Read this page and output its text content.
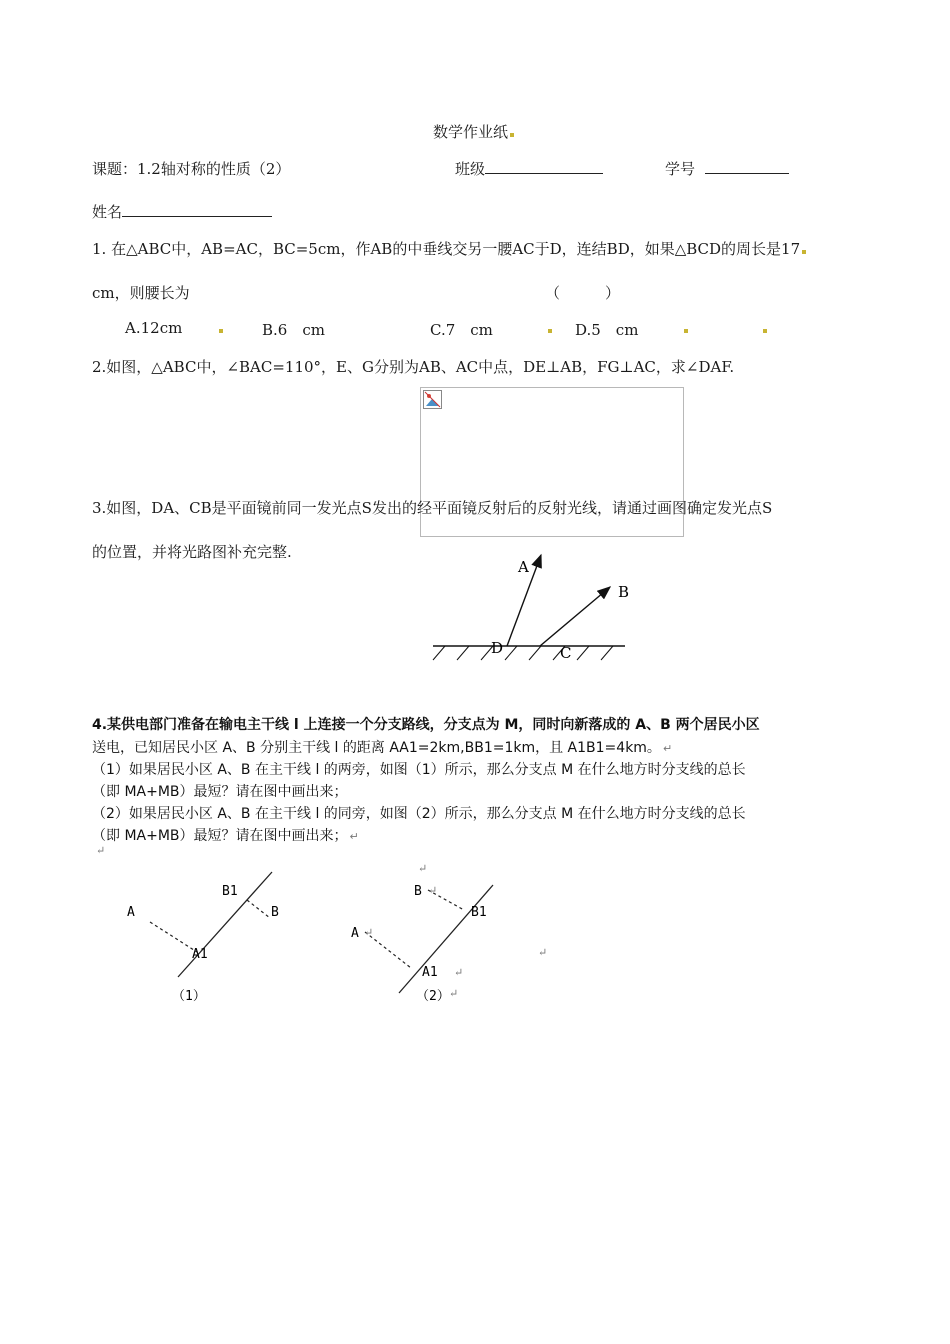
数学作业纸
课题：1.2轴对称的性质（2）	班级	学号
姓名
1. 在△ABC中，AB=AC，BC=5cm，作AB的中垂线交另一腰AC于D，连结BD，如果△BCD的周长是17
cm，则腰长为	（　　　）
A.12cm	B.6　cm	C.7　cm	D.5　cm
2.如图，△ABC中，∠BAC=110°，E、G分别为AB、AC中点，DE⊥AB，FG⊥AC，求∠DAF.
3.如图，DA、CB是平面镜前同一发光点S发出的经平面镜反射后的反射光线，请通过画图确定发光点S
的位置，并将光路图补充完整.
A
B
D	C
4.某供电部门准备在输电主干线 l 上连接一个分支路线，分支点为 M，同时向新落成的 A、B 两个居民小区
送电，已知居民小区 A、B 分别主干线 l 的距离 AA1=2km,BB1=1km，且 A1B1=4km。 ↵
（1）如果居民小区 A、B 在主干线 l 的两旁，如图（1）所示，那么分支点 M 在什么地方时分支线的总长
（即 MA+MB）最短？请在图中画出来；
（2）如果居民小区 A、B 在主干线 l 的同旁，如图（2）所示，那么分支点 M 在什么地方时分支线的总长
（即 MA+MB）最短？请在图中画出来； ↵
↵
A
B1
B
A1
（1）
B
B1
A
A1
（2）
↵
↵
↵
↵
↵
↵
